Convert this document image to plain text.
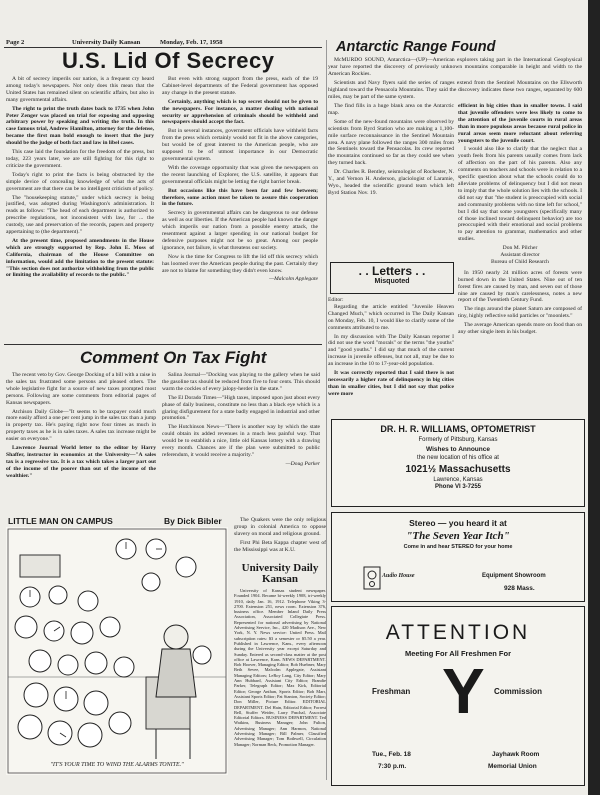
Page 2	University Daily Kansan	Monday, Feb. 17, 1958
U.S. Lid Of Secrecy

A bit of secrecy imperils our nation, is a frequent cry heard among today's newspapers. Not only does this mean that the United States has remained silent on scientific affairs, but also in many governmental affairs.

The right to print the truth dates back to 1735 when John Peter Zenger was placed on trial for exposing and opposing arbitrary power by speaking and writing the truth. In this case famous trial, Andrew Hamilton, attorney for the defense, became the first man bold enough to insert that the jury should be the judge of both fact and law in libel cases.

This case laid the foundation for the freedom of the press, but today, 223 years later, we are still fighting for this right to criticize the government.

Today's right to print the facts is being obstructed by the simple device of concealing knowledge of what the acts of government are that there can be no intelligent criticism of policy.

The "housekeeping statute," under which secrecy is being justified, was adopted during Washington's administration. It reads as follows: "The head of each department is authorized to prescribe regulations, not inconsistent with law, for ... the custody, use and preservation of the records, papers and property appertaining to (the department)."

At the present time, proposed amendments in the House which are strongly supported by Rep. John E. Moss of California, chairman of the House Committee on information, would add the limitation to the present statute: "This section does not authorize withholding from the public or limiting the availability of records to the public."

But even with strong support from the press, each of the 19 Cabinet-level departments of the Federal government has opposed any change in the present statute.

Certainly, anything which is top secret should not be given to the newspapers. For instance, a matter dealing with national security or apprehension of criminals should be withheld and newspapers should accept the fact.

But in several instances, government officials have withheld facts from the press which certainly would not fit in the above categories, but would be of great interest to the American people, who are supposed to be of utmost importance in our Democratic governmental system.

With the coverage opportunity that was given the newspapers on the recent launching of Explorer, the U.S. satellite, it appears that governmental officials might be letting the right barrier break.

But occasions like this have been far and few between; therefore, some action must be taken to assure this cooperation in the future.

Secrecy in governmental affairs can be dangerous to our defense as well as our liberties. If the American people had known the danger which imperils our nation from a possible enemy attack, the resentment against a larger spending in our national budget for defensive purposes might not be so great. Among our people ignorance, not failure, is what threatens our society.

Now is the time for Congress to lift the lid off this secrecy which has loomed over the American people during the past. Certainly they are not to blame for something they didn't even know.

—Malcolm Applegate
Antarctic Range Found

McMURDO SOUND, Antarctica—(UP)—American explorers taking part in the International Geophysical year have reported the discovery of previously unknown mountains comparable in height and width to the American Rockies.

Scientists and Navy flyers said the series of ranges extend from the Sentinel Mountains on the Ellsworth highland toward the Pensacola Mountains. They said the discovery indicates these two ranges, separated by 600 miles, may be part of the same system.

The find fills in a huge blank area on the Antarctic map.

Some of the new-found mountains were observed by scientists from Byrd Station who are making a 1,100-mile surface reconnaissance in the Sentinel Mountain area. A navy plane followed the ranges 300 miles from the Sentinels toward the Pensacolas. Its crew reported the mountains continued so far as they could see when they turned back.

Dr. Charles R. Bentley, seismologist of Rochester, N. Y., and Vernon H. Anderson, glaciologist of Laramie, Wyo., headed the scientific ground team which left Byrd Station Nov. 19.

. . Letters . .
Misquoted
Editor:

Regarding the article entitled "Juvenile Heaven Changed Much," which occurred in The Daily Kansan on Monday, Feb. 10, I would like to clarify some of the comments attributed to me.

In my discussion with The Daily Kansan reporter I did not use the word "morals" or the terms "the youths" and "good youths." I did say that much of the current increase in juvenile offenses, but not all, may be due to an increase in the 10 to 17-year-old population.

It was correctly reported that I said there is not necessarily a higher rate of delinquency in big cities than in smaller cities, but I did not say that police were more

efficient in big cities than in smaller towns. I said that juvenile offenders were less likely to come to the attention of the juvenile courts in rural areas than in more populous areas because rural police in rural areas seem more reluctant about referring youngsters to the juvenile court.

I would also like to clarify that the neglect that a youth feels from his parents usually comes from lack of affection on the part of his parents. Also any comments on teachers and schools were in relation to a specific question about what the schools could do to alleviate problems of delinquency but I did not mean to imply that the whole solution lies with the schools. I did not say that "the student is preoccupied with social and community problems with no time left for school," but I did say that some youngsters (specifically many of those inclined toward delinquent behavior) are too preoccupied with their emotional and social problems to pay attention to grammar, mathematics and other studies.

Don M. Pilcher
Assistant director
Bureau of Child Research

In 1950 nearly 24 million acres of forests were burned down in the United States. Nine out of ten forest fires are caused by man, and seven out of those nine are caused by man's carelessness, notes a new report of the Twentieth Century Fund.

The rings around the planet Saturn are composed of tiny, highly reflective solid particles or "moonlets."

The average American spends more on food than on any other single item in his budget.

Comment On Tax Fight

The recent veto by Gov. George Docking of a bill with a raise in the sales tax frustrated some persons and pleased others. The whole legislative fight for a source of new taxes prompted most persons. Following are some comments from editorial pages of Kansas newspapers.

Atchison Daily Globe—"It seems to be taxpayer could much more easily afford a one per cent jump in the sales tax than a jump in property tax. He's paying right now four times as much in property taxes as he is in sales taxes. A sales tax increase might be easier on everyone."

Lawrence Journal World letter to the editor by Harry Shaffer, instructor in economics at the University—"A sales tax is a regressive tax. It is a tax which takes a larger part out of the income of the poorer than out of the income of the wealthier."

Salina Journal—"Docking was playing to the gallery when he said the gasoline tax should be reduced from five to four cents. This should warm the cockles of every jalopy-herder in the state."

The El Dorado Times—"High taxes, imposed upon just about every phase of daily business, constitute no less than a black eye which is a glaring disfigurement for a state badly engaged in industrial and other promotion."

The Hutchinson News—"There is another way by which the state could obtain its added revenues in a much less painful way. That would be to establish a nice, little old Kansas lottery with a drawing every month. Chances are if the plan were submitted to public referendum, it would receive a majority."

—Doug Parker
LITTLE MAN ON CAMPUS	By Dick Bibler
"IT'S YOUR TIME TO WIND THE ALARMS TONITE."

The Quakers were the only religious group in colonial America to oppose slavery on moral and religious ground.

First Phi Beta Kappa chapter west of the Mississippi was at K.U.

University Daily Kansan

University of Kansas student newspaper. Founded 1904. Became bi-weekly 1908, tri-weekly 1910, daily Jan. 16, 1912. Telephone Viking 3-2700. Extension 251, news room. Extension 376, business office. Member Inland Daily Press Association, Associated Collegiate Press. Represented for national advertising by National Advertising Service, Inc., 420 Madison Ave., New York, N. Y. News service: United Press. Mail subscription rates: $3 a semester or $5.50 a year. Published in Lawrence, Kans., every afternoon during the University year except Saturday and Sunday. Entered as second-class matter at the post office at Lawrence, Kans. NEWS DEPARTMENT. Bob Hoover, Managing Editor; Bob Huebner, Mary Beth Sevee, Malcolm Applegate, Assistant Managing Editors; LeRoy Lang, City Editor; Mary Ann Hubbard, Assistant City Editor; Brandie Parker, Telegraph Editor; Max Kirk, Editorial Editor; George Anthan, Sports Editor; Bob Marr, Assistant Sports Editor; Pat Stanton, Society Editor; Don Miller, Picture Editor. EDITORIAL DEPARTMENT. Del Hain, Editorial Editor; Forrest Bell, Stuffer Weider, Larry Paschal, Associate Editorial Editors. BUSINESS DEPARTMENT. Ted Watkins, Business Manager; John Fulton, Advertising Manager; Ann Harmon, National Advertising Manager; Bill Palmer, Classified Advertising Manager; Tom Bothwell, Circulation Manager; Norman Beck, Promotion Manager.

DR. H. R. WILLIAMS, OPTOMETRIST
Formerly of Pittsburg, Kansas
Wishes to Announce
the new location of his office at
1021½ Massachusetts
Lawrence, Kansas
Phone VI 3-7255
Stereo — you heard it at
"The Seven Year Itch"
Come in and hear STEREO for your home
Audio House	Equipment Showroom
928 Mass.
ATTENTION
Meeting For All Freshmen For
Freshman Y Commission
Tue., Feb. 18
7:30 p.m.
Jayhawk Room
Memorial Union
